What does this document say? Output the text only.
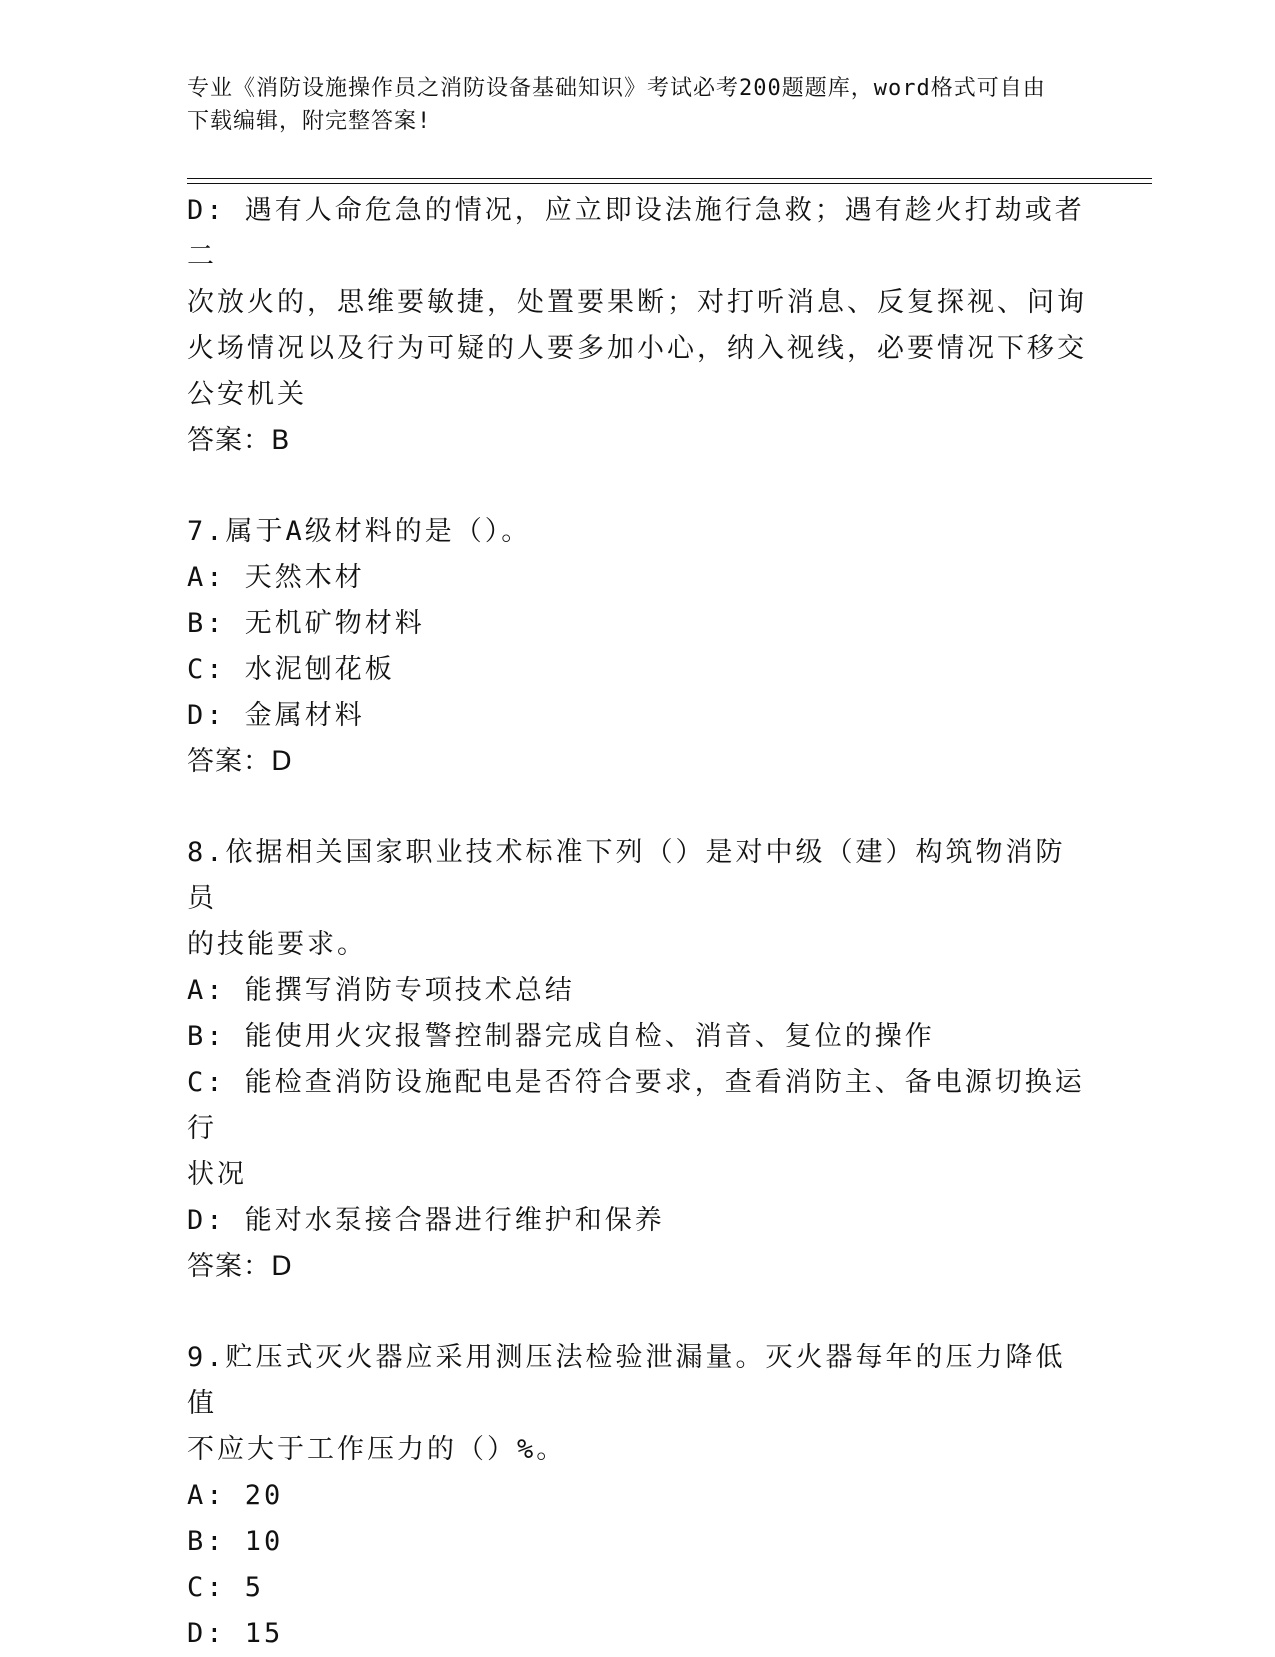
专业《消防设施操作员之消防设备基础知识》考试必考200题题库，word格式可自由下载编辑，附完整答案!
D: 遇有人命危急的情况，应立即设法施行急救；遇有趁火打劫或者二
次放火的，思维要敏捷，处置要果断；对打听消息、反复探视、问询
火场情况以及行为可疑的人要多加小心，纳入视线，必要情况下移交
公安机关
答案：B
7.属于A级材料的是（）。
A: 天然木材
B: 无机矿物材料
C: 水泥刨花板
D: 金属材料
答案：D
8.依据相关国家职业技术标准下列（）是对中级（建）构筑物消防员
的技能要求。
A: 能撰写消防专项技术总结
B: 能使用火灾报警控制器完成自检、消音、复位的操作
C: 能检查消防设施配电是否符合要求，查看消防主、备电源切换运行
状况
D: 能对水泵接合器进行维护和保养
答案：D
9.贮压式灭火器应采用测压法检验泄漏量。灭火器每年的压力降低值
不应大于工作压力的（）%。
A: 20
B: 10
C: 5
D: 15
